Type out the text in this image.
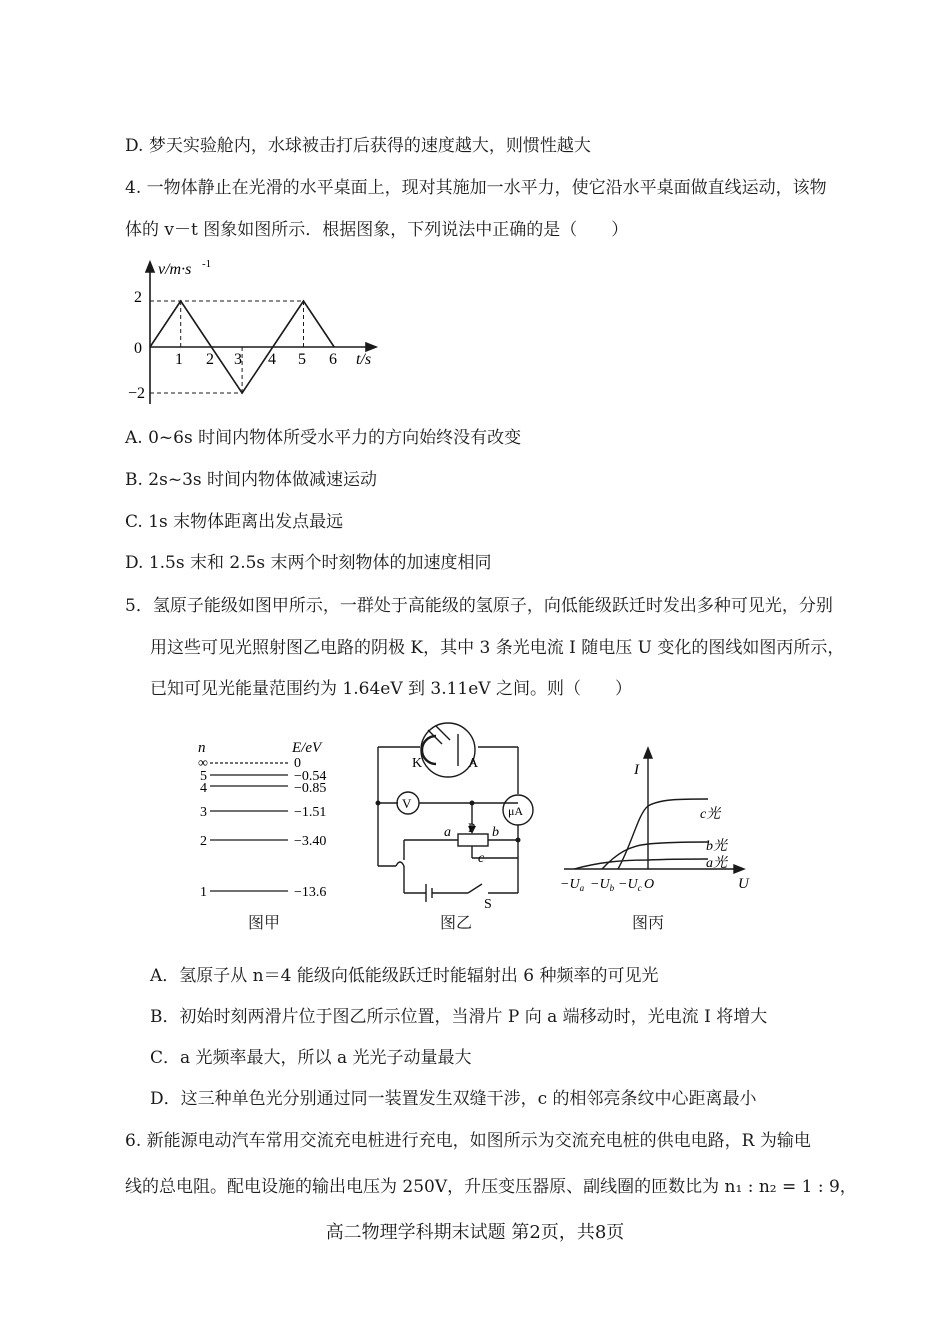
D. 梦天实验舱内，水球被击打后获得的速度越大，则惯性越大
4. 一物体静止在光滑的水平桌面上，现对其施加一水平力，使它沿水平桌面做直线运动，该物
体的 v－t 图象如图所示．根据图象，下列说法中正确的是（　　）
v/m·s -1
t/s
2
0
−2
1 2 3 4 5 6
A. 0~6s 时间内物体所受水平力的方向始终没有改变
B. 2s~3s 时间内物体做减速运动
C. 1s 末物体距离出发点最远
D. 1.5s 末和 2.5s 末两个时刻物体的加速度相同
5．氢原子能级如图甲所示，一群处于高能级的氢原子，向低能级跃迁时发出多种可见光，分别
用这些可见光照射图乙电路的阴极 K，其中 3 条光电流 I 随电压 U 变化的图线如图丙所示，
已知可见光能量范围约为 1.64eV 到 3.11eV 之间。则（　　）
n	E/eV
∞	0
5	−0.54
4	−0.85
3	−1.51
2	−3.40
1	−13.6
图甲
K	A
μA
V
a P b
c
S
图乙
I
U
O
c光
b光
a光
$-U_a -U_b -U_c$
图丙
A．氢原子从 n＝4 能级向低能级跃迁时能辐射出 6 种频率的可见光
B．初始时刻两滑片位于图乙所示位置，当滑片 P 向 a 端移动时，光电流 I 将增大
C．a 光频率最大，所以 a 光光子动量最大
D．这三种单色光分别通过同一装置发生双缝干涉，c 的相邻亮条纹中心距离最小
6. 新能源电动汽车常用交流充电桩进行充电，如图所示为交流充电桩的供电电路，R 为输电
线的总电阻。配电设施的输出电压为 250V，升压变压器原、副线圈的匝数比为 n₁ : n₂ = 1 : 9，
高二物理学科期末试题 第2页，共8页
